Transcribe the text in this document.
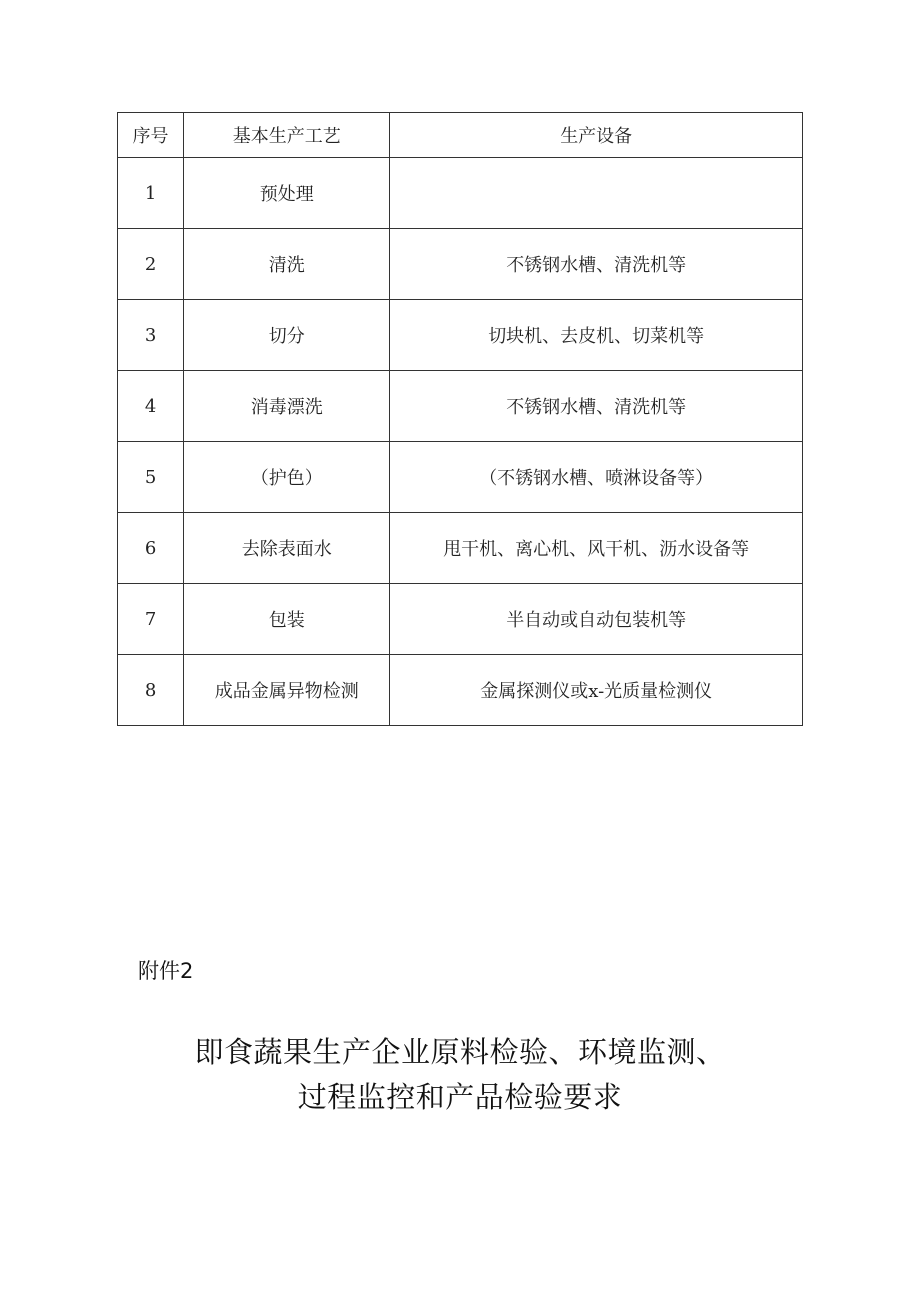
序号	基本生产工艺	生产设备
1	预处理	
2	清洗	不锈钢水槽、清洗机等
3	切分	切块机、去皮机、切菜机等
4	消毒漂洗	不锈钢水槽、清洗机等
5	（护色）	（不锈钢水槽、喷淋设备等）
6	去除表面水	甩干机、离心机、风干机、沥水设备等
7	包装	半自动或自动包装机等
8	成品金属异物检测	金属探测仪或x-光质量检测仪
附件2
即食蔬果生产企业原料检验、环境监测、
过程监控和产品检验要求
